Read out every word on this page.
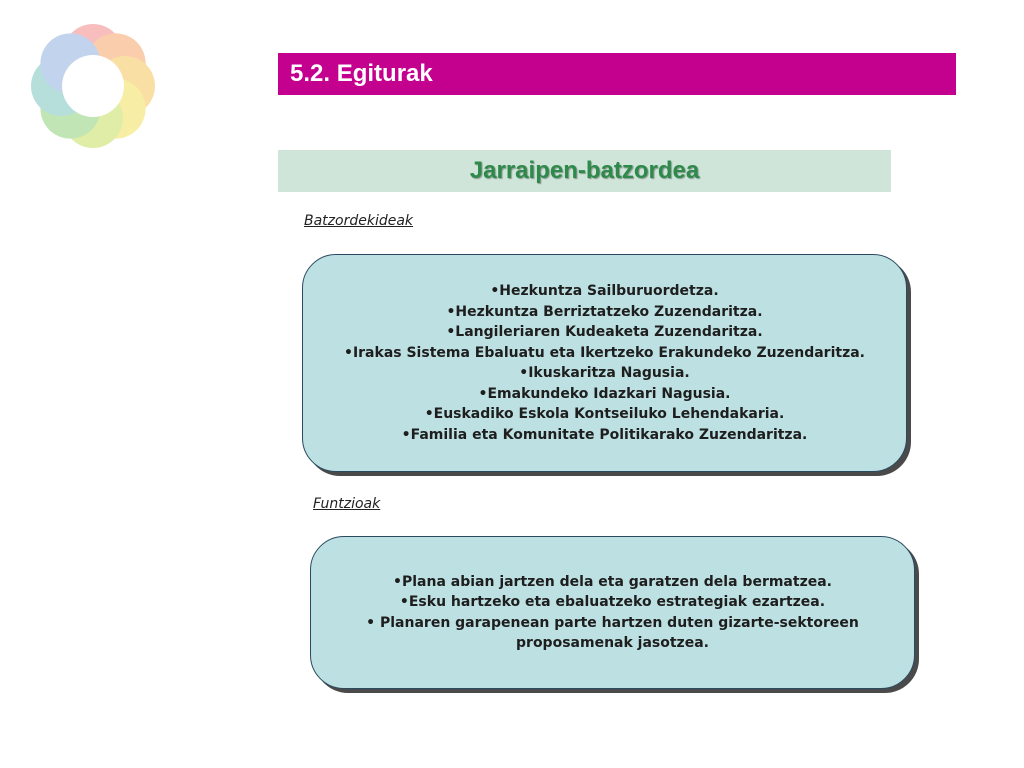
5.2. Egiturak
Jarraipen-batzordea
Batzordekideak
•Hezkuntza Sailburuordetza.
•Hezkuntza Berriztatzeko Zuzendaritza.
•Langileriaren Kudeaketa Zuzendaritza.
•Irakas Sistema Ebaluatu eta Ikertzeko Erakundeko Zuzendaritza.
•Ikuskaritza Nagusia.
•Emakundeko Idazkari Nagusia.
•Euskadiko Eskola Kontseiluko Lehendakaria.
•Familia eta Komunitate Politikarako Zuzendaritza.
Funtzioak
•Plana abian jartzen dela eta garatzen dela bermatzea.
•Esku hartzeko eta ebaluatzeko estrategiak ezartzea.
• Planaren garapenean parte hartzen duten gizarte-sektoreen proposamenak jasotzea.
